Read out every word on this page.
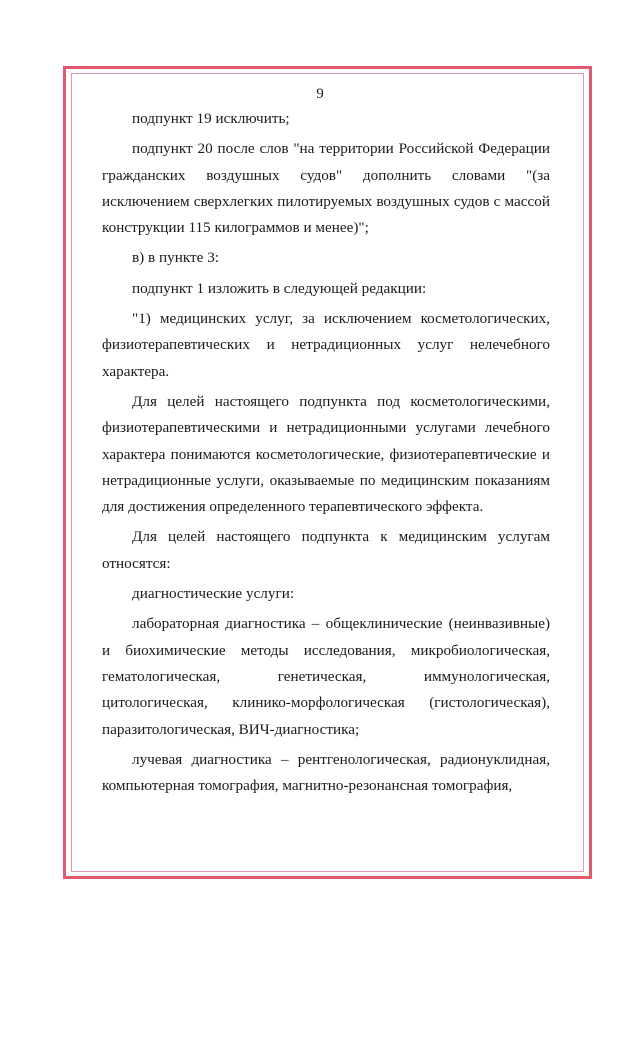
9

подпункт 19 исключить;

подпункт 20 после слов "на территории Российской Федерации гражданских воздушных судов" дополнить словами "(за исключением сверхлегких пилотируемых воздушных судов с массой конструкции 115 килограммов и менее)";

в) в пункте 3:

подпункт 1 изложить в следующей редакции:

"1) медицинских услуг, за исключением косметологических, физиотерапевтических и нетрадиционных услуг нелечебного характера.

Для целей настоящего подпункта под косметологическими, физиотерапевтическими и нетрадиционными услугами лечебного характера понимаются косметологические, физиотерапевтические и нетрадиционные услуги, оказываемые по медицинским показаниям для достижения определенного терапевтического эффекта.

Для целей настоящего подпункта к медицинским услугам относятся:

диагностические услуги:

лабораторная диагностика – общеклинические (неинвазивные) и биохимические методы исследования, микробиологическая, гематологическая, генетическая, иммунологическая, цитологическая, клинико-морфологическая (гистологическая), паразитологическая, ВИЧ-диагностика;

лучевая диагностика – рентгенологическая, радионуклидная, компьютерная томография, магнитно-резонансная томография,
